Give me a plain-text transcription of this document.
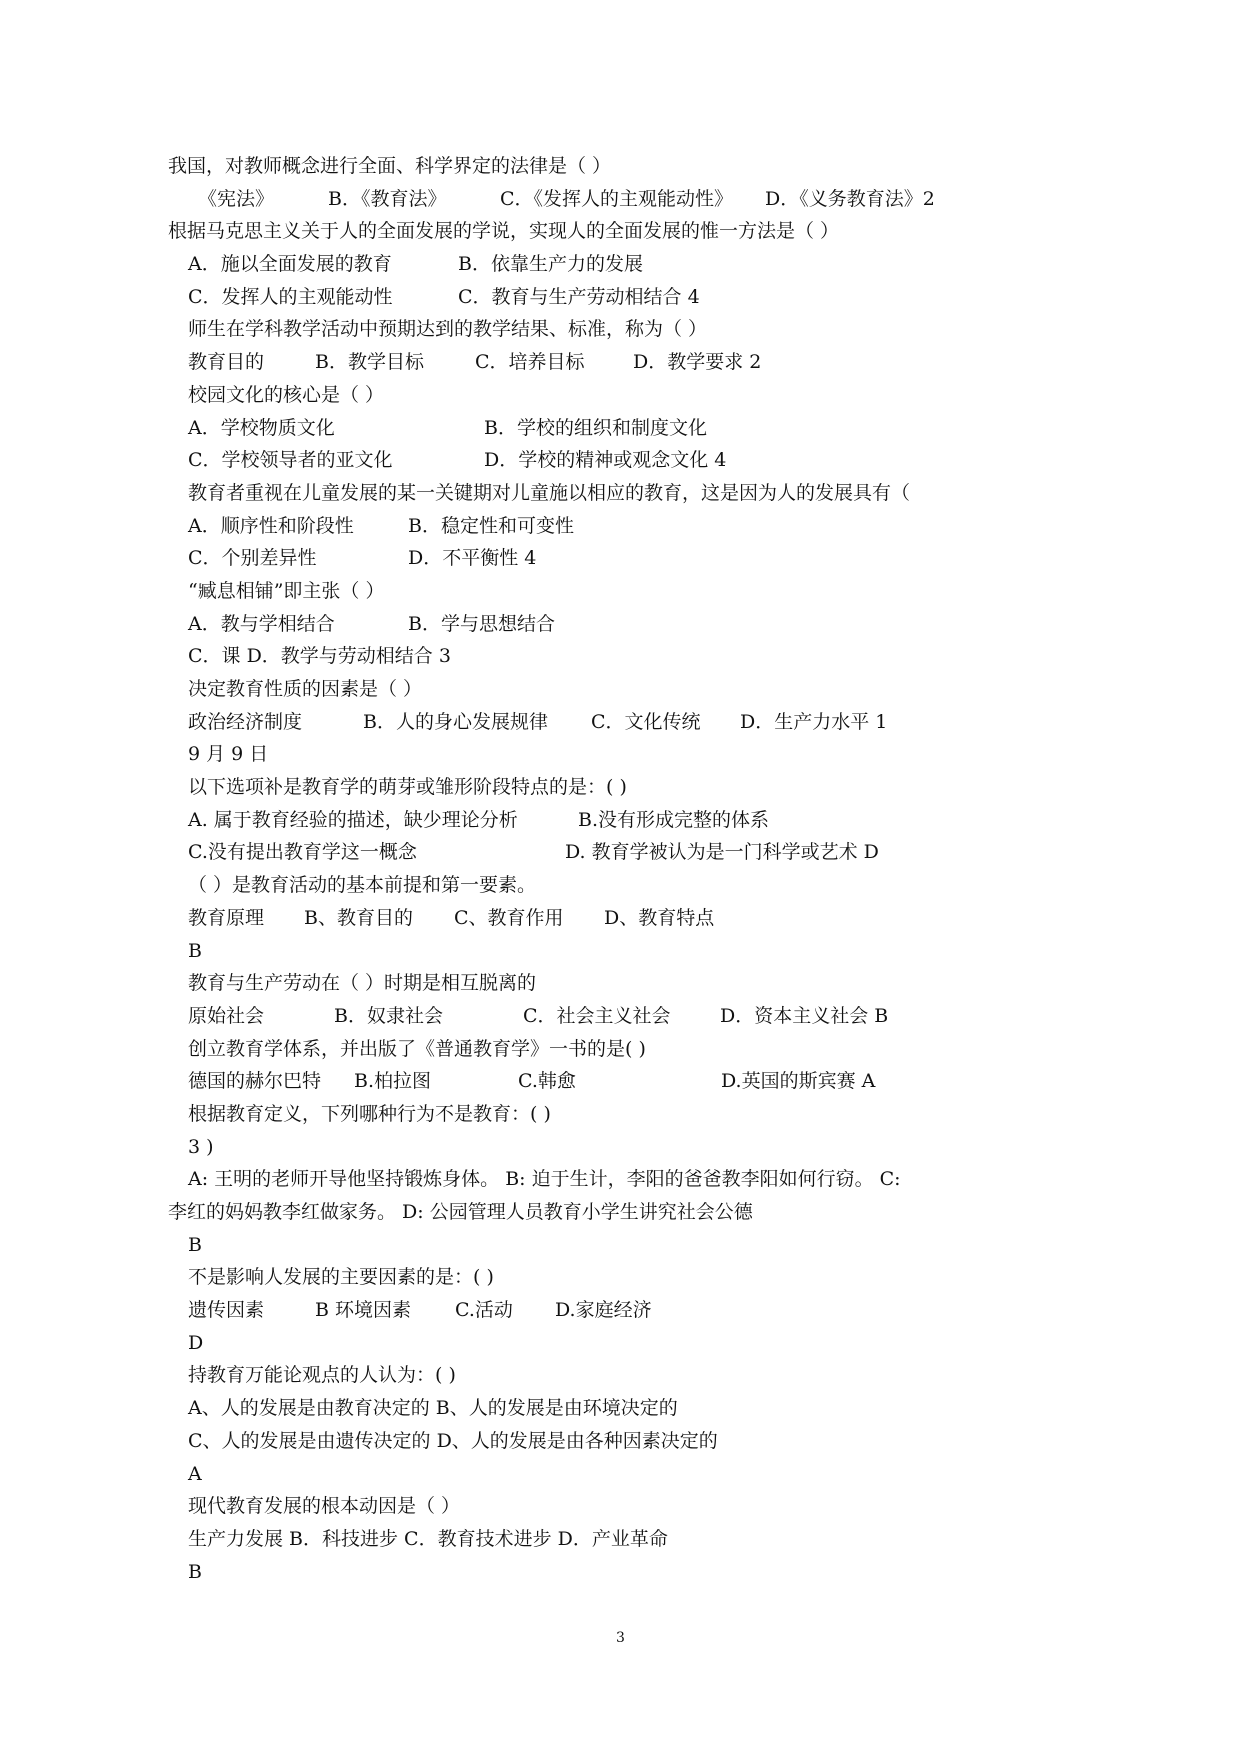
我国，对教师概念进行全面、科学界定的法律是（ ）
《宪法》	B．《教育法》	C．《发挥人的主观能动性》 D．《义务教育法》2
根据马克思主义关于人的全面发展的学说，实现人的全面发展的惟一方法是（ ）
A．施以全面发展的教育	B．依靠生产力的发展
C．发挥人的主观能动性	C．教育与生产劳动相结合 4
师生在学科教学活动中预期达到的教学结果、标准，称为（ ）
教育目的	B．教学目标	C．培养目标	D．教学要求 2
校园文化的核心是（ ）
A．学校物质文化	B．学校的组织和制度文化
C．学校领导者的亚文化	D．学校的精神或观念文化 4
教育者重视在儿童发展的某一关键期对儿童施以相应的教育，这是因为人的发展具有（
A．顺序性和阶段性	B．稳定性和可变性
C．个别差异性	D．不平衡性 4
“臧息相铺”即主张（ ）
A．教与学相结合	B．学与思想结合
C．课 D．教学与劳动相结合 3
决定教育性质的因素是（ ）
政治经济制度	B．人的身心发展规律 C．文化传统 D．生产力水平 1
9 月 9 日
以下选项补是教育学的萌芽或雏形阶段特点的是：( )
A. 属于教育经验的描述，缺少理论分析	B.没有形成完整的体系
C.没有提出教育学这一概念	D. 教育学被认为是一门科学或艺术 D
（ ）是教育活动的基本前提和第一要素。
教育原理 B、教育目的 C、教育作用 D、教育特点
B
教育与生产劳动在（ ）时期是相互脱离的
原始社会	B．奴隶社会	C．社会主义社会	D．资本主义社会 B
创立教育学体系，并出版了《普通教育学》一书的是( )
德国的赫尔巴特 B.柏拉图	C.韩愈	D.英国的斯宾赛 A
根据教育定义，下列哪种行为不是教育：( )
3 )
A: 王明的老师开导他坚持锻炼身体。 B: 迫于生计，李阳的爸爸教李阳如何行窃。 C:
李红的妈妈教李红做家务。 D: 公园管理人员教育小学生讲究社会公德
B
不是影响人发展的主要因素的是：( )
遗传因素	B 环境因素 C.活动 D.家庭经济
D
持教育万能论观点的人认为：( )
A、人的发展是由教育决定的 B、人的发展是由环境决定的
C、人的发展是由遗传决定的 D、人的发展是由各种因素决定的
A
现代教育发展的根本动因是（ ）
生产力发展 B．科技进步 C．教育技术进步 D．产业革命
B
3
